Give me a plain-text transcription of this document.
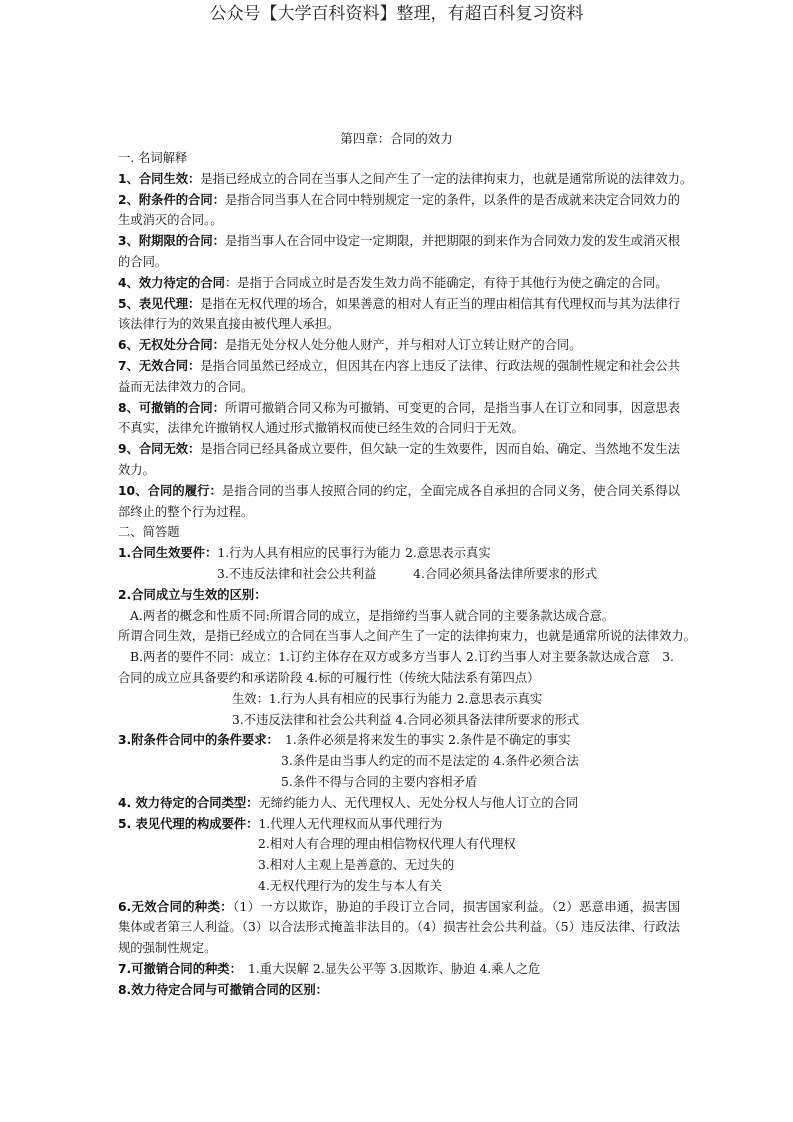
公众号【大学百科资料】整理，有超百科复习资料
第四章：合同的效力
一. 名词解释
1、合同生效：是指已经成立的合同在当事人之间产生了一定的法律拘束力，也就是通常所说的法律效力。
2、附条件的合同：是指合同当事人在合同中特别规定一定的条件，以条件的是否成就来决定合同效力的
生或消灭的合同。。
3、附期限的合同：是指当事人在合同中设定一定期限，并把期限的到来作为合同效力发的发生或消灭根
的合同。
4、效力待定的合同：是指于合同成立时是否发生效力尚不能确定，有待于其他行为使之确定的合同。
5、表见代理：是指在无权代理的场合，如果善意的相对人有正当的理由相信其有代理权而与其为法律行
该法律行为的效果直接由被代理人承担。
6、无权处分合同：是指无处分权人处分他人财产，并与相对人订立转让财产的合同。
7、无效合同：是指合同虽然已经成立，但因其在内容上违反了法律、行政法规的强制性规定和社会公共
益而无法律效力的合同。
8、可撤销的合同：所谓可撤销合同又称为可撤销、可变更的合同，是指当事人在订立和同事，因意思表
不真实，法律允许撤销权人通过形式撤销权而使已经生效的合同归于无效。
9、合同无效：是指合同已经具备成立要件，但欠缺一定的生效要件，因而自始、确定、当然地不发生法
效力。
10、合同的履行：是指合同的当事人按照合同的约定，全面完成各自承担的合同义务，使合同关系得以
部终止的整个行为过程。
二、简答题
1.合同生效要件：1.行为人具有相应的民事行为能力 2.意思表示真实
3.不违反法律和社会公共利益　　　4.合同必须具备法律所要求的形式
2.合同成立与生效的区别：
A.两者的概念和性质不同:所谓合同的成立，是指缔约当事人就合同的主要条款达成合意。
所谓合同生效，是指已经成立的合同在当事人之间产生了一定的法律拘束力，也就是通常所说的法律效力。
B.两者的要件不同：成立：1.订约主体存在双方或多方当事人 2.订约当事人对主要条款达成合意　3.
合同的成立应具备要约和承诺阶段 4.标的可履行性（传统大陆法系有第四点）
生效：1.行为人具有相应的民事行为能力 2.意思表示真实
3.不违反法律和社会公共利益 4.合同必须具备法律所要求的形式
3.附条件合同中的条件要求：　1.条件必须是将来发生的事实 2.条件是不确定的事实
3.条件是由当事人约定的而不是法定的 4.条件必须合法
5.条件不得与合同的主要内容相矛盾
4. 效力待定的合同类型：无缔约能力人、无代理权人、无处分权人与他人订立的合同
5. 表见代理的构成要件：1.代理人无代理权而从事代理行为
2.相对人有合理的理由相信物权代理人有代理权
3.相对人主观上是善意的、无过失的
4.无权代理行为的发生与本人有关
6.无效合同的种类：（1）一方以欺诈，胁迫的手段订立合同，损害国家利益。（2）恶意串通，损害国
集体或者第三人利益。（3）以合法形式掩盖非法目的。（4）损害社会公共利益。（5）违反法律、行政法
规的强制性规定。
7.可撤销合同的种类：　1.重大误解 2.显失公平等 3.因欺诈、胁迫 4.乘人之危
8.效力待定合同与可撤销合同的区别：
